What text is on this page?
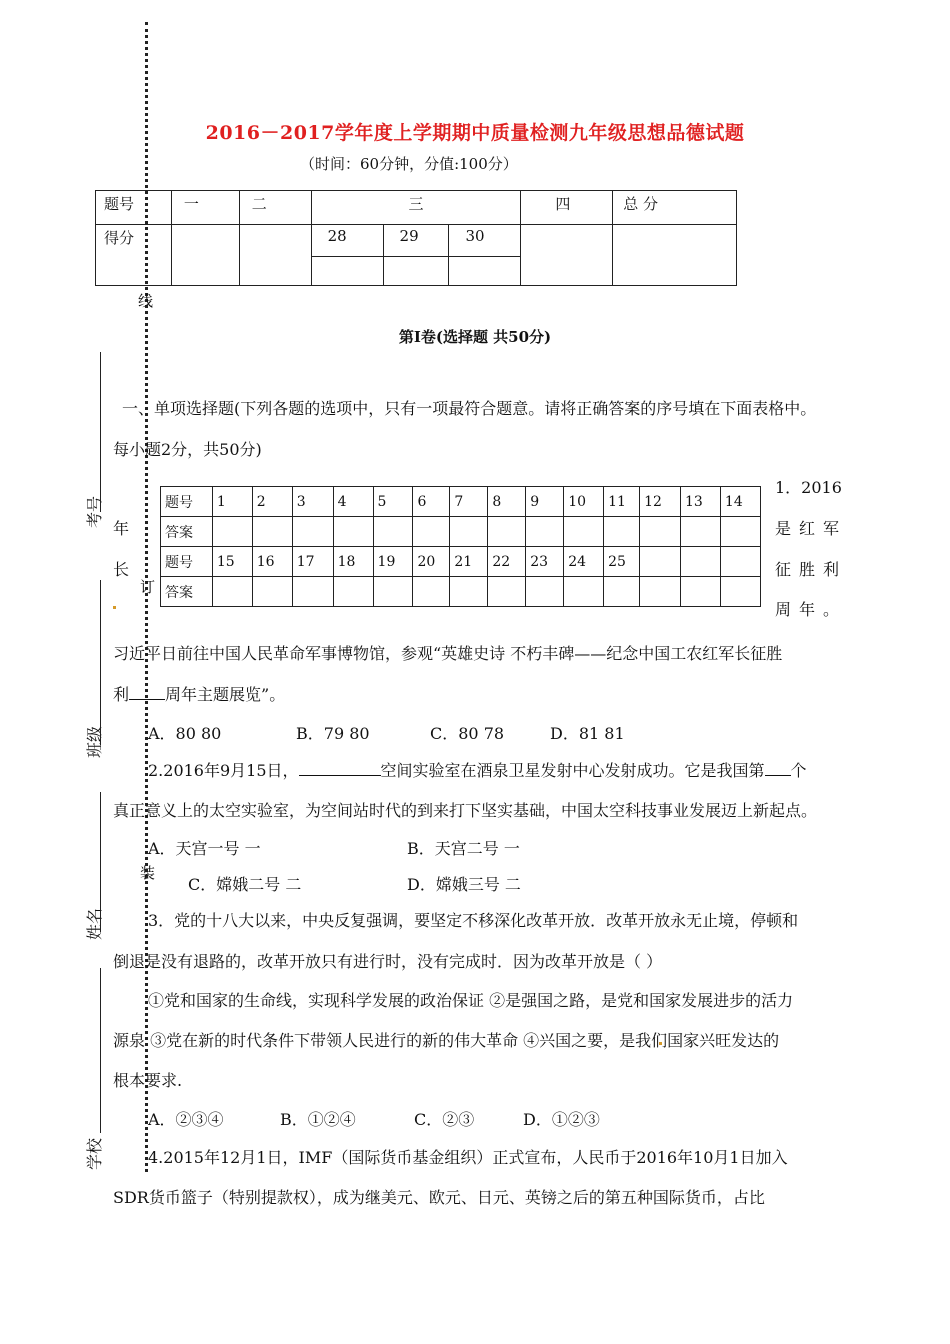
线
订
装
考号
班级
姓名
学校
2016－2017学年度上学期期中质量检测九年级思想品德试题
（时间：60分钟，分值:100分）
题号	一	二	三			四	总 分
得分			28	29	30		

第Ⅰ卷(选择题 共50分)
一、单项选择题(下列各题的选项中，只有一项最符合题意。请将正确答案的序号填在下面表格中。
每小题2分，共50分)
题号	1	2	3	4	5	6	7	8	9	10	11	12	13	14
答案														
题号	15	16	17	18	19	20	21	22	23	24	25			
答案														
1．2016
是红军
征胜利
周年。
年
长
习近平日前往中国人民革命军事博物馆，参观“英雄史诗 不朽丰碑——纪念中国工农红军长征胜
利 周年主题展览”。
A．80 80	B．79 80	C．80 78	D．81 81
2.2016年9月15日，	空间实验室在酒泉卫星发射中心发射成功。它是我国第 个
真正意义上的太空实验室，为空间站时代的到来打下坚实基础，中国太空科技事业发展迈上新起点。
A．天宫一号 一	B．天宫二号 一
C．嫦娥二号 二	D．嫦娥三号 二
3．党的十八大以来，中央反复强调，要坚定不移深化改革开放．改革开放永无止境，停顿和
倒退是没有退路的，改革开放只有进行时，没有完成时．因为改革开放是（ ）
①党和国家的生命线，实现科学发展的政治保证 ②是强国之路，是党和国家发展进步的活力
源泉 ③党在新的时代条件下带领人民进行的新的伟大革命 ④兴国之要，是我们国家兴旺发达的
根本要求.
A．②③④	B．①②④	C．②③	D．①②③
4.2015年12月1日，IMF（国际货币基金组织）正式宣布，人民币于2016年10月1日加入
SDR货币篮子（特别提款权），成为继美元、欧元、日元、英镑之后的第五种国际货币，占比
